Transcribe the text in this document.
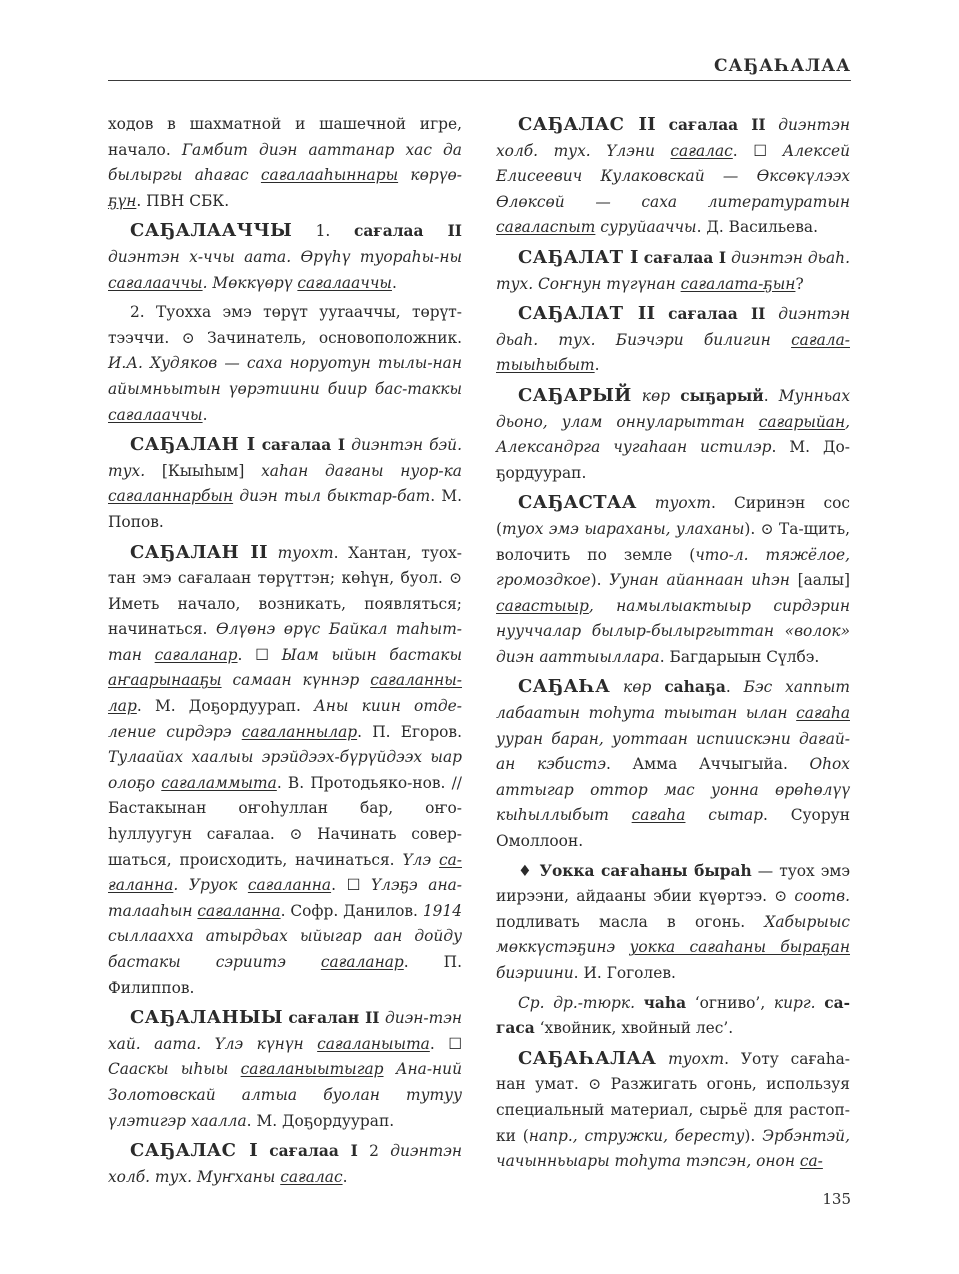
САҔАҺАЛАА

ходов в шахматной и шашечной игре, начало. Гамбит диэн ааттанар хас да былыргы аһағас сағалааһыннары көрүө-ҕүн. ПВН СБК.

САҔАЛААЧЧЫ 1. сағалаа II диэнтэн х-ччы аата. Өрүһү туораһы-ны сағалааччы. Мөккүөрү сағалааччы.

2. Туохха эмэ төрүт ууraaччы, төрүт-тээччи. ⊙ Зачинатель, основоположник. И.А. Худяков — саха норуотун тылы-нан айымньытын үөрэтиини биир бас-таккы сағалааччы.

САҔАЛАН I сағалаа I диэнтэн бэй. тух. [Кыыһым] хаһан дағаны нуор-ка сағаланнарбын диэн тыл быктар-бат. М. Попов.

САҔАЛАН II туохт. Хантан, туох-тан эмэ сағалаан төрүттэн; көһүн, буол. ⊙ Иметь начало, возникать, появляться; начинаться. Өлүөнэ өрүс Байкал таһыт-тан сағаланар. ☐ Ыам ыйын бастакы аҥаарынааҕы самаан күннэр сағаланны-лар. М. Доҕордуурап. Аны киин отде-ление сирдэрэ сағаланнылар. П. Егоров. Тулаайах хаалыы эрэйдээх-бүрүйдээх ыар олоҕо сағаламмыта. В. Протодьяко-нов. // Бастакынан оҥоһуллан бар, оҥо-һуллуугун сағалаа. ⊙ Начинать совер-шаться, происходить, начинаться. Үлэ са-ғаланна. Уруок сағаланна. ☐ Үлэҕэ ана-талааһын сағаланна. Софр. Данилов. 1914 сыллааххa атырдьах ыйыгар аан дойду бастакы сэриитэ сағаланар. П. Филиппов.

САҔАЛАНЫЫ сағалан II диэн-тэн хай. аата. Үлэ күнүн сағаланыыта. ☐ Сааскы ыһыы сағаланыытыгар Ана-ний Золотовскай алтыа буолан тутуу үлэтигэр хаалла. М. Доҕордуурап.

САҔАЛАС I сағалаа I 2 диэнтэн холб. тух. Муҥханы сағалас.

САҔАЛАС II сағалаа II диэнтэн холб. тух. Үлэни сағалас. ☐ Алексей Елисеевич Кулаковскай — Өксөкүлээх Өлөксөй — саха литературатын сағалаcпыт суруйааччы. Д. Васильева.

САҔАЛАТ I сағалаа I диэнтэн дьаһ. тух. Соҥнун түгүнан сағалата-ҕын?

САҔАЛАТ II сағалаа II диэнтэн дьаһ. тух. Биэчэри билигин сағала-тыыһыбыт.

САҔАРЫЙ көр сыҕарый. Мунньах дьоно, улам оннуларыттан сағарыйан, Александрга чугаһаан истилэр. М. До-ҕордуурап.

САҔАСТАА туохт. Сиринэн сос (туох эмэ ыараханы, улаханы). ⊙ Та-щить, волочить по земле (что-л. тяжёлое, громоздкое). Уунан айаннаан иһэн [аалы] сағастыыр, намылыактыыр сирдэрин нууччалар былыр-былыргыттан «волок» диэн ааттыыллара. Багдарыын Сүлбэ.

САҔАҺА көр саһаҕа. Бэс хаппыт лабаатын тоһута тыытан ылан сағаһа ууран баран, уоттаан испиискэни дағай-ан кэбистэ. Амма Аччыгыйа. Оһох аттыгар оттор мас уонна өрөһөлүү кыһыллыбыт сағаһа сытар. Суорун Омоллоон.

♦ Уокка сағаһаны быраһ — туох эмэ иирээни, айдааны эбии күөртээ. ⊙ соотв. подливать масла в огонь. Хабырыыс мөккүстэҕинэ уокка сағаһаны быраҕан биэриини. И. Гоголев.

Ср. др.-тюрк. чаһа ‘огниво’, кирг. са-гаса ‘хвойник, хвойный лес’.

САҔАҺАЛАА туохт. Уоту сағаһа-нан умат. ⊙ Разжигать огонь, используя специальный материал, сырьё для растоп-ки (напр., стружки, бересту). Эрбэнтэй, чачынньыары тоһута тэпсэн, онон са-

135
